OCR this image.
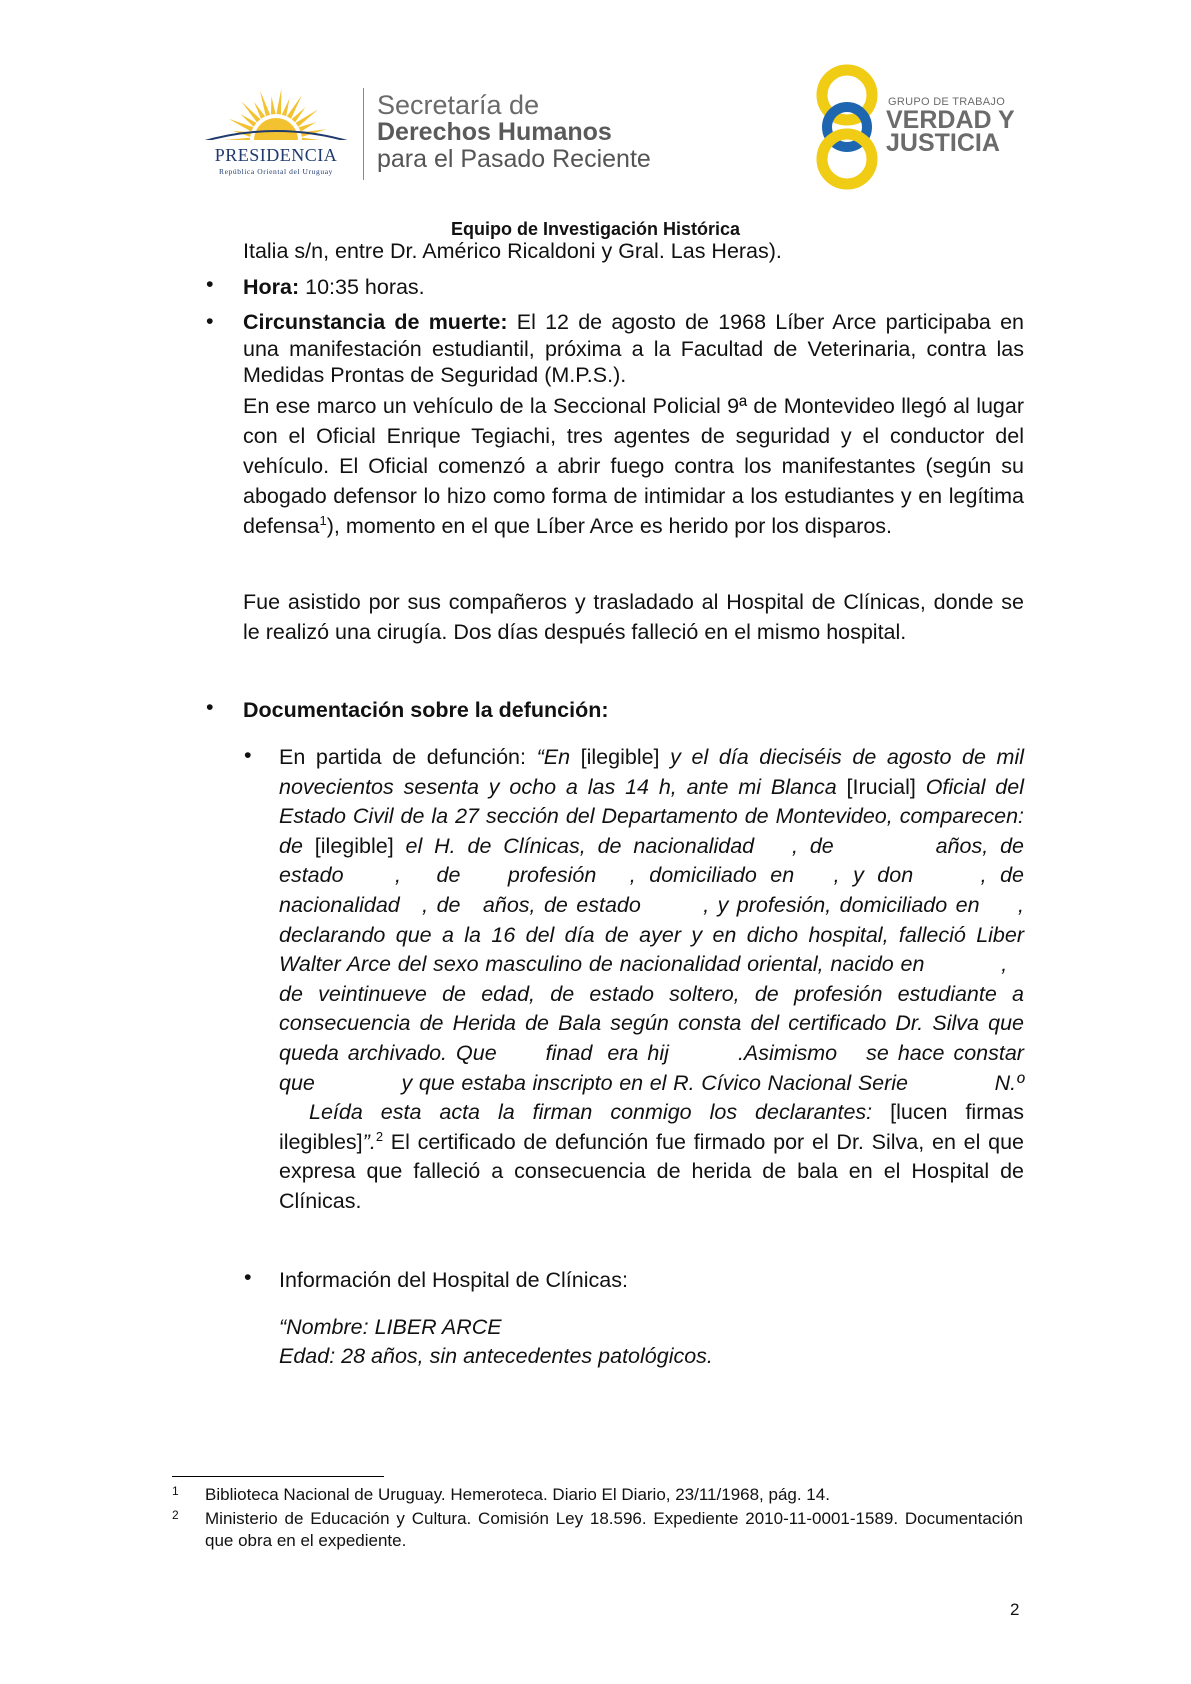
PRESIDENCIA
República Oriental del Uruguay
Secretaría de
Derechos Humanos
para el Pasado Reciente
GRUPO DE TRABAJO
VERDAD Y
JUSTICIA
Equipo de Investigación Histórica
Italia s/n, entre Dr. Américo Ricaldoni y Gral. Las Heras).
• Hora: 10:35 horas.
• Circunstancia de muerte: El 12 de agosto de 1968 Líber Arce participaba en una manifestación estudiantil, próxima a la Facultad de Veterinaria, contra las Medidas Prontas de Seguridad (M.P.S.).
En ese marco un vehículo de la Seccional Policial 9ª de Montevideo llegó al lugar con el Oficial Enrique Tegiachi, tres agentes de seguridad y el conductor del vehículo. El Oficial comenzó a abrir fuego contra los manifestantes (según su abogado defensor lo hizo como forma de intimidar a los estudiantes y en legítima defensa$^1$), momento en el que Líber Arce es herido por los disparos.
Fue asistido por sus compañeros y trasladado al Hospital de Clínicas, donde se le realizó una cirugía. Dos días después falleció en el mismo hospital.
• Documentación sobre la defunción:
• En partida de defunción: “En [ilegible] y el día dieciséis de agosto de mil novecientos sesenta y ocho a las 14 h, ante mi Blanca [Irucial] Oficial del Estado Civil de la 27 sección del Departamento de Montevideo, comparecen: de [ilegible] el H. de Clínicas, de nacionalidad , de	años, de estado , de profesión , domiciliado en , y don	, de nacionalidad , de años, de estado	, y profesión, domiciliado en , declarando que a la 16 del día de ayer y en dicho hospital, falleció Liber Walter Arce del sexo masculino de nacionalidad oriental, nacido en	, de veintinueve de edad, de estado soltero, de profesión estudiante a consecuencia de Herida de Bala según consta del certificado Dr. Silva que queda archivado. Que finad era hij	.Asimismo se hace constar que	y que estaba inscripto en el R. Cívico Nacional Serie	N.º Leída esta acta la firman conmigo los declarantes: [lucen firmas ilegibles]”.$^2$ El certificado de defunción fue firmado por el Dr. Silva, en el que expresa que falleció a consecuencia de herida de bala en el Hospital de Clínicas.
• Información del Hospital de Clínicas:
“Nombre: LIBER ARCE
Edad: 28 años, sin antecedentes patológicos.
1 Biblioteca Nacional de Uruguay. Hemeroteca. Diario El Diario, 23/11/1968, pág. 14.
2 Ministerio de Educación y Cultura. Comisión Ley 18.596. Expediente 2010-11-0001-1589. Documentación que obra en el expediente.
2
